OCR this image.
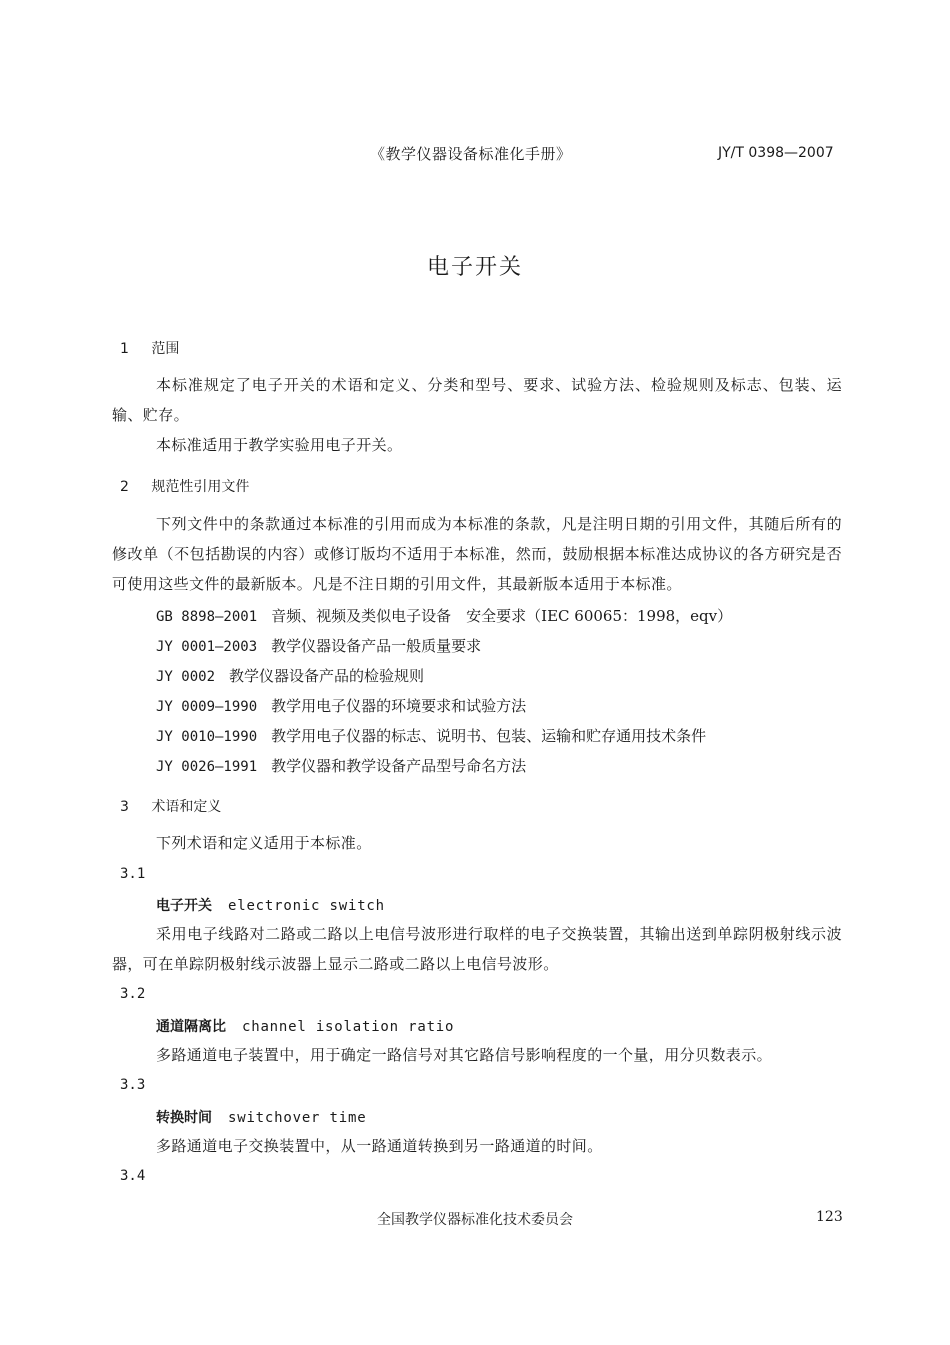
《教学仪器设备标准化手册》	JY/T 0398—2007
电子开关
1 范围
本标准规定了电子开关的术语和定义、分类和型号、要求、试验方法、检验规则及标志、包装、运输、贮存。
本标准适用于教学实验用电子开关。
2 规范性引用文件
下列文件中的条款通过本标准的引用而成为本标准的条款，凡是注明日期的引用文件，其随后所有的修改单（不包括勘误的内容）或修订版均不适用于本标准，然而，鼓励根据本标准达成协议的各方研究是否可使用这些文件的最新版本。凡是不注日期的引用文件，其最新版本适用于本标准。
GB 8898—2001 音频、视频及类似电子设备　安全要求（IEC 60065：1998，eqv）
JY 0001—2003 教学仪器设备产品一般质量要求
JY 0002 教学仪器设备产品的检验规则
JY 0009—1990 教学用电子仪器的环境要求和试验方法
JY 0010—1990 教学用电子仪器的标志、说明书、包装、运输和贮存通用技术条件
JY 0026—1991 教学仪器和教学设备产品型号命名方法
3 术语和定义
下列术语和定义适用于本标准。
3.1
电子开关 electronic switch
采用电子线路对二路或二路以上电信号波形进行取样的电子交换装置，其输出送到单踪阴极射线示波器，可在单踪阴极射线示波器上显示二路或二路以上电信号波形。
3.2
通道隔离比 channel isolation ratio
多路通道电子装置中，用于确定一路信号对其它路信号影响程度的一个量，用分贝数表示。
3.3
转换时间 switchover time
多路通道电子交换装置中，从一路通道转换到另一路通道的时间。
3.4
全国教学仪器标准化技术委员会	123
